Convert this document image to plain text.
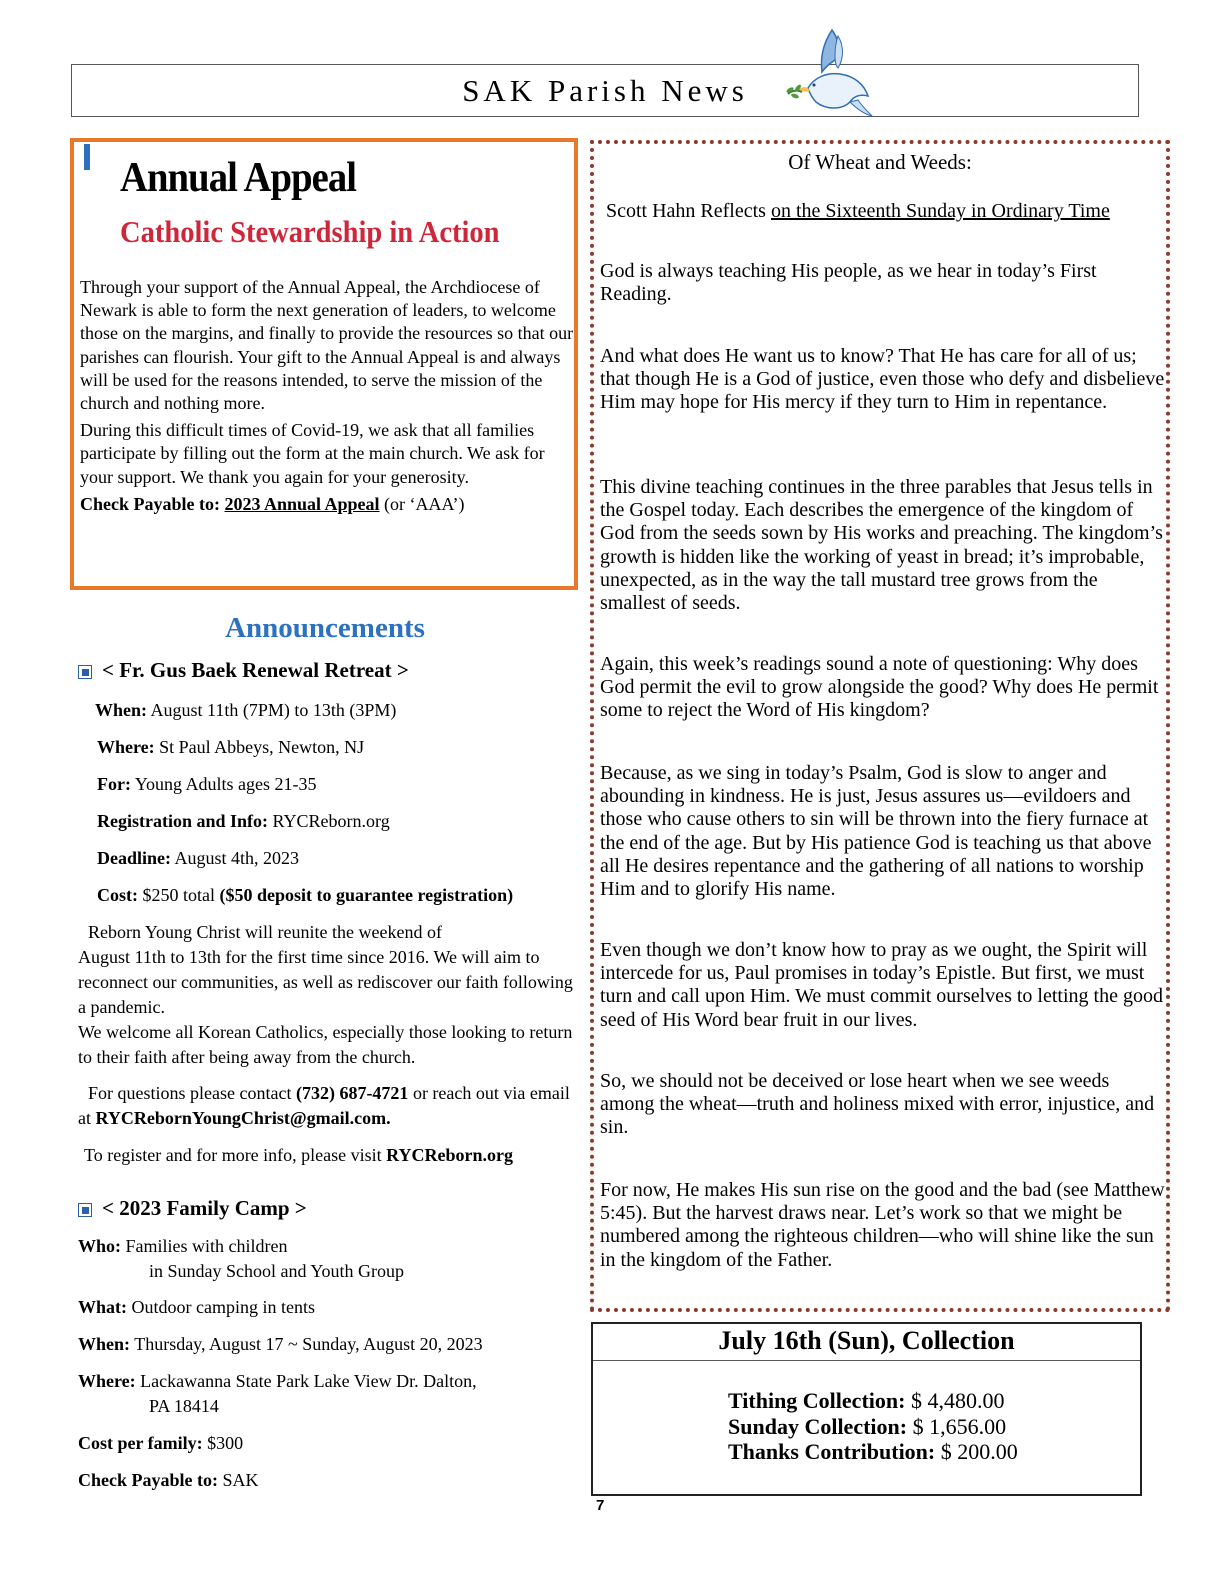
SAK Parish News
Annual Appeal
Catholic Stewardship in Action

Through your support of the Annual Appeal, the Archdiocese of Newark is able to form the next generation of leaders, to welcome those on the margins, and finally to provide the resources so that our parishes can flourish. Your gift to the Annual Appeal is and always will be used for the reasons intended, to serve the mission of the church and nothing more.

During this difficult times of Covid-19, we ask that all families participate by filling out the form at the main church. We ask for your support. We thank you again for your generosity.

Check Payable to: 2023 Annual Appeal (or ‘AAA’)

Announcements
< Fr. Gus Baek Renewal Retreat >
When: August 11th (7PM) to 13th (3PM)
Where: St Paul Abbeys, Newton, NJ
For: Young Adults ages 21-35
Registration and Info: RYCReborn.org
Deadline: August 4th, 2023
Cost: $250 total ($50 deposit to guarantee registration)
Reborn Young Christ will reunite the weekend of
August 11th to 13th for the first time since 2016. We will aim to reconnect our communities, as well as rediscover our faith following a pandemic.
We welcome all Korean Catholics, especially those looking to return to their faith after being away from the church.
For questions please contact (732) 687-4721 or reach out via email at RYCRebornYoungChrist@gmail.com.
To register and for more info, please visit RYCReborn.org
< 2023 Family Camp >
Who: Families with children
in Sunday School and Youth Group
What: Outdoor camping in tents
When: Thursday, August 17 ~ Sunday, August 20, 2023
Where: Lackawanna State Park Lake View Dr. Dalton,
PA 18414
Cost per family: $300
Check Payable to: SAK
Of Wheat and Weeds:
Scott Hahn Reflects on the Sixteenth Sunday in Ordinary Time

God is always teaching His people, as we hear in today’s First Reading.

And what does He want us to know? That He has care for all of us; that though He is a God of justice, even those who defy and disbelieve Him may hope for His mercy if they turn to Him in repentance.

This divine teaching continues in the three parables that Jesus tells in the Gospel today. Each describes the emergence of the kingdom of God from the seeds sown by His works and preaching. The kingdom’s growth is hidden like the working of yeast in bread; it’s improbable, unexpected, as in the way the tall mustard tree grows from the smallest of seeds.

Again, this week’s readings sound a note of questioning: Why does God permit the evil to grow alongside the good? Why does He permit some to reject the Word of His kingdom?

Because, as we sing in today’s Psalm, God is slow to anger and abounding in kindness. He is just, Jesus assures us—evildoers and those who cause others to sin will be thrown into the fiery furnace at the end of the age. But by His patience God is teaching us that above all He desires repentance and the gathering of all nations to worship Him and to glorify His name.

Even though we don’t know how to pray as we ought, the Spirit will intercede for us, Paul promises in today’s Epistle. But first, we must turn and call upon Him. We must commit ourselves to letting the good seed of His Word bear fruit in our lives.

So, we should not be deceived or lose heart when we see weeds among the wheat—truth and holiness mixed with error, injustice, and sin.

For now, He makes His sun rise on the good and the bad (see Matthew 5:45). But the harvest draws near. Let’s work so that we might be numbered among the righteous children—who will shine like the sun in the kingdom of the Father.

July 16th (Sun), Collection
Tithing Collection: $ 4,480.00
Sunday Collection: $ 1,656.00
Thanks Contribution: $ 200.00
7
